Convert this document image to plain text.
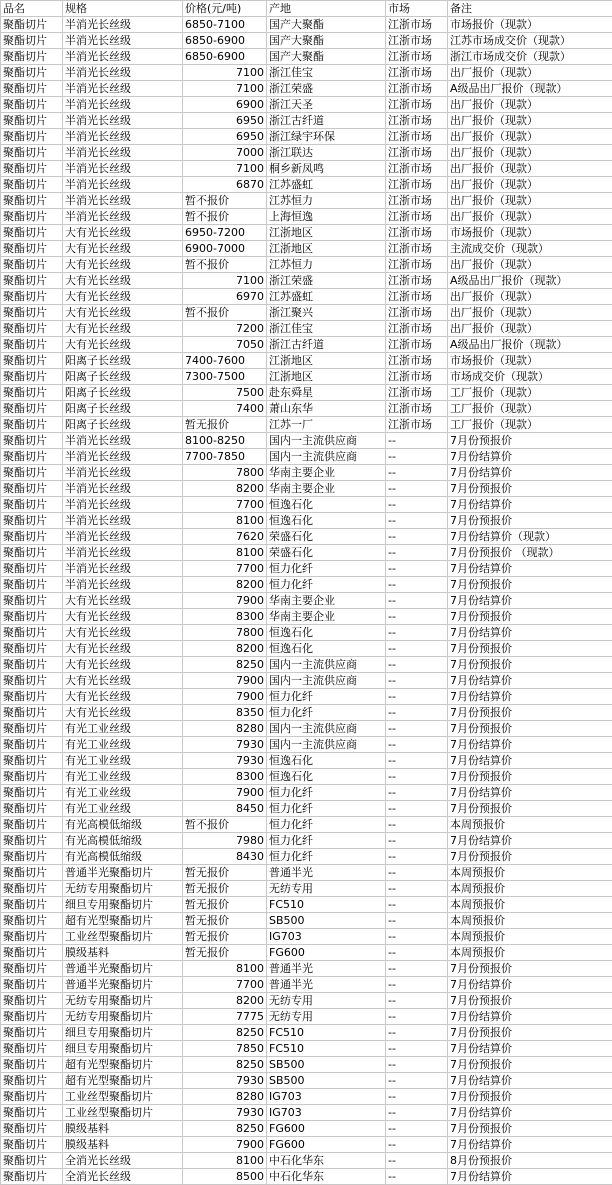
品名	规格	价格(元/吨)	产地	市场	备注
聚酯切片	半消光长丝级	6850-7100	国产大聚酯	江浙市场	市场报价（现款）
聚酯切片	半消光长丝级	6850-6900	国产大聚酯	江浙市场	江苏市场成交价（现款）
聚酯切片	半消光长丝级	6850-6900	国产大聚酯	江浙市场	浙江市场成交价（现款）
聚酯切片	半消光长丝级	7100	浙江佳宝	江浙市场	出厂报价（现款）
聚酯切片	半消光长丝级	7100	浙江荣盛	江浙市场	A级品出厂报价（现款）
聚酯切片	半消光长丝级	6900	浙江天圣	江浙市场	出厂报价（现款）
聚酯切片	半消光长丝级	6950	浙江古纤道	江浙市场	出厂报价（现款）
聚酯切片	半消光长丝级	6950	浙江绿宇环保	江浙市场	出厂报价（现款）
聚酯切片	半消光长丝级	7000	浙江联达	江浙市场	出厂报价（现款）
聚酯切片	半消光长丝级	7100	桐乡新凤鸣	江浙市场	出厂报价（现款）
聚酯切片	半消光长丝级	6870	江苏盛虹	江浙市场	出厂报价（现款）
聚酯切片	半消光长丝级	暂不报价	江苏恒力	江浙市场	出厂报价（现款）
聚酯切片	半消光长丝级	暂不报价	上海恒逸	江浙市场	出厂报价（现款）
聚酯切片	大有光长丝级	6950-7200	江浙地区	江浙市场	市场报价（现款）
聚酯切片	大有光长丝级	6900-7000	江浙地区	江浙市场	主流成交价（现款）
聚酯切片	大有光长丝级	暂不报价	江苏恒力	江浙市场	出厂报价（现款）
聚酯切片	大有光长丝级	7100	浙江荣盛	江浙市场	A级品出厂报价（现款）
聚酯切片	大有光长丝级	6970	江苏盛虹	江浙市场	出厂报价（现款）
聚酯切片	大有光长丝级	暂不报价	浙江聚兴	江浙市场	出厂报价（现款）
聚酯切片	大有光长丝级	7200	浙江佳宝	江浙市场	出厂报价（现款）
聚酯切片	大有光长丝级	7050	浙江古纤道	江浙市场	A级品出厂报价（现款）
聚酯切片	阳离子长丝级	7400-7600	江浙地区	江浙市场	市场报价（现款）
聚酯切片	阳离子长丝级	7300-7500	江浙地区	江浙市场	市场成交价（现款）
聚酯切片	阳离子长丝级	7500	赴东舜星	江浙市场	工厂报价（现款）
聚酯切片	阳离子长丝级	7400	萧山东华	江浙市场	工厂报价（现款）
聚酯切片	阳离子长丝级	暂无报价	江苏一厂	江浙市场	工厂报价（现款）
聚酯切片	半消光长丝级	8100-8250	国内一主流供应商	--	7月份预报价
聚酯切片	半消光长丝级	7700-7850	国内一主流供应商	--	7月份结算价
聚酯切片	半消光长丝级	7800	华南主要企业	--	7月份结算价
聚酯切片	半消光长丝级	8200	华南主要企业	--	7月份预报价
聚酯切片	半消光长丝级	7700	恒逸石化	--	7月份结算价
聚酯切片	半消光长丝级	8100	恒逸石化	--	7月份预报价
聚酯切片	半消光长丝级	7620	荣盛石化	--	7月份结算价（现款）
聚酯切片	半消光长丝级	8100	荣盛石化	--	7月份预报价 （现款）
聚酯切片	半消光长丝级	7700	恒力化纤	--	7月份结算价
聚酯切片	半消光长丝级	8200	恒力化纤	--	7月份预报价
聚酯切片	大有光长丝级	7900	华南主要企业	--	7月份结算价
聚酯切片	大有光长丝级	8300	华南主要企业	--	7月份预报价
聚酯切片	大有光长丝级	7800	恒逸石化	--	7月份结算价
聚酯切片	大有光长丝级	8200	恒逸石化	--	7月份预报价
聚酯切片	大有光长丝级	8250	国内一主流供应商	--	7月份预报价
聚酯切片	大有光长丝级	7900	国内一主流供应商	--	7月份结算价
聚酯切片	大有光长丝级	7900	恒力化纤	--	7月份结算价
聚酯切片	大有光长丝级	8350	恒力化纤	--	7月份预报价
聚酯切片	有光工业丝级	8280	国内一主流供应商	--	7月份预报价
聚酯切片	有光工业丝级	7930	国内一主流供应商	--	7月份结算价
聚酯切片	有光工业丝级	7930	恒逸石化	--	7月份结算价
聚酯切片	有光工业丝级	8300	恒逸石化	--	7月份预报价
聚酯切片	有光工业丝级	7900	恒力化纤	--	7月份结算价
聚酯切片	有光工业丝级	8450	恒力化纤	--	7月份预报价
聚酯切片	有光高模低缩级	暂不报价	恒力化纤	--	本周预报价
聚酯切片	有光高模低缩级	7980	恒力化纤	--	7月份结算价
聚酯切片	有光高模低缩级	8430	恒力化纤	--	7月份预报价
聚酯切片	普通半光聚酯切片	暂无报价	普通半光	--	本周预报价
聚酯切片	无纺专用聚酯切片	暂无报价	无纺专用	--	本周预报价
聚酯切片	细旦专用聚酯切片	暂无报价	FC510	--	本周预报价
聚酯切片	超有光型聚酯切片	暂无报价	SB500	--	本周预报价
聚酯切片	工业丝型聚酯切片	暂无报价	IG703	--	本周预报价
聚酯切片	膜级基料	暂无报价	FG600	--	本周预报价
聚酯切片	普通半光聚酯切片	8100	普通半光	--	7月份预报价
聚酯切片	普通半光聚酯切片	7700	普通半光	--	7月份结算价
聚酯切片	无纺专用聚酯切片	8200	无纺专用	--	7月份预报价
聚酯切片	无纺专用聚酯切片	7775	无纺专用	--	7月份结算价
聚酯切片	细旦专用聚酯切片	8250	FC510	--	7月份预报价
聚酯切片	细旦专用聚酯切片	7850	FC510	--	7月份结算价
聚酯切片	超有光型聚酯切片	8250	SB500	--	7月份预报价
聚酯切片	超有光型聚酯切片	7930	SB500	--	7月份结算价
聚酯切片	工业丝型聚酯切片	8280	IG703	--	7月份预报价
聚酯切片	工业丝型聚酯切片	7930	IG703	--	7月份结算价
聚酯切片	膜级基料	8250	FG600	--	7月份预报价
聚酯切片	膜级基料	7900	FG600	--	7月份结算价
聚酯切片	全消光长丝级	8100	中石化华东	--	8月份预报价
聚酯切片	全消光长丝级	8500	中石化华东	--	7月份结算价
